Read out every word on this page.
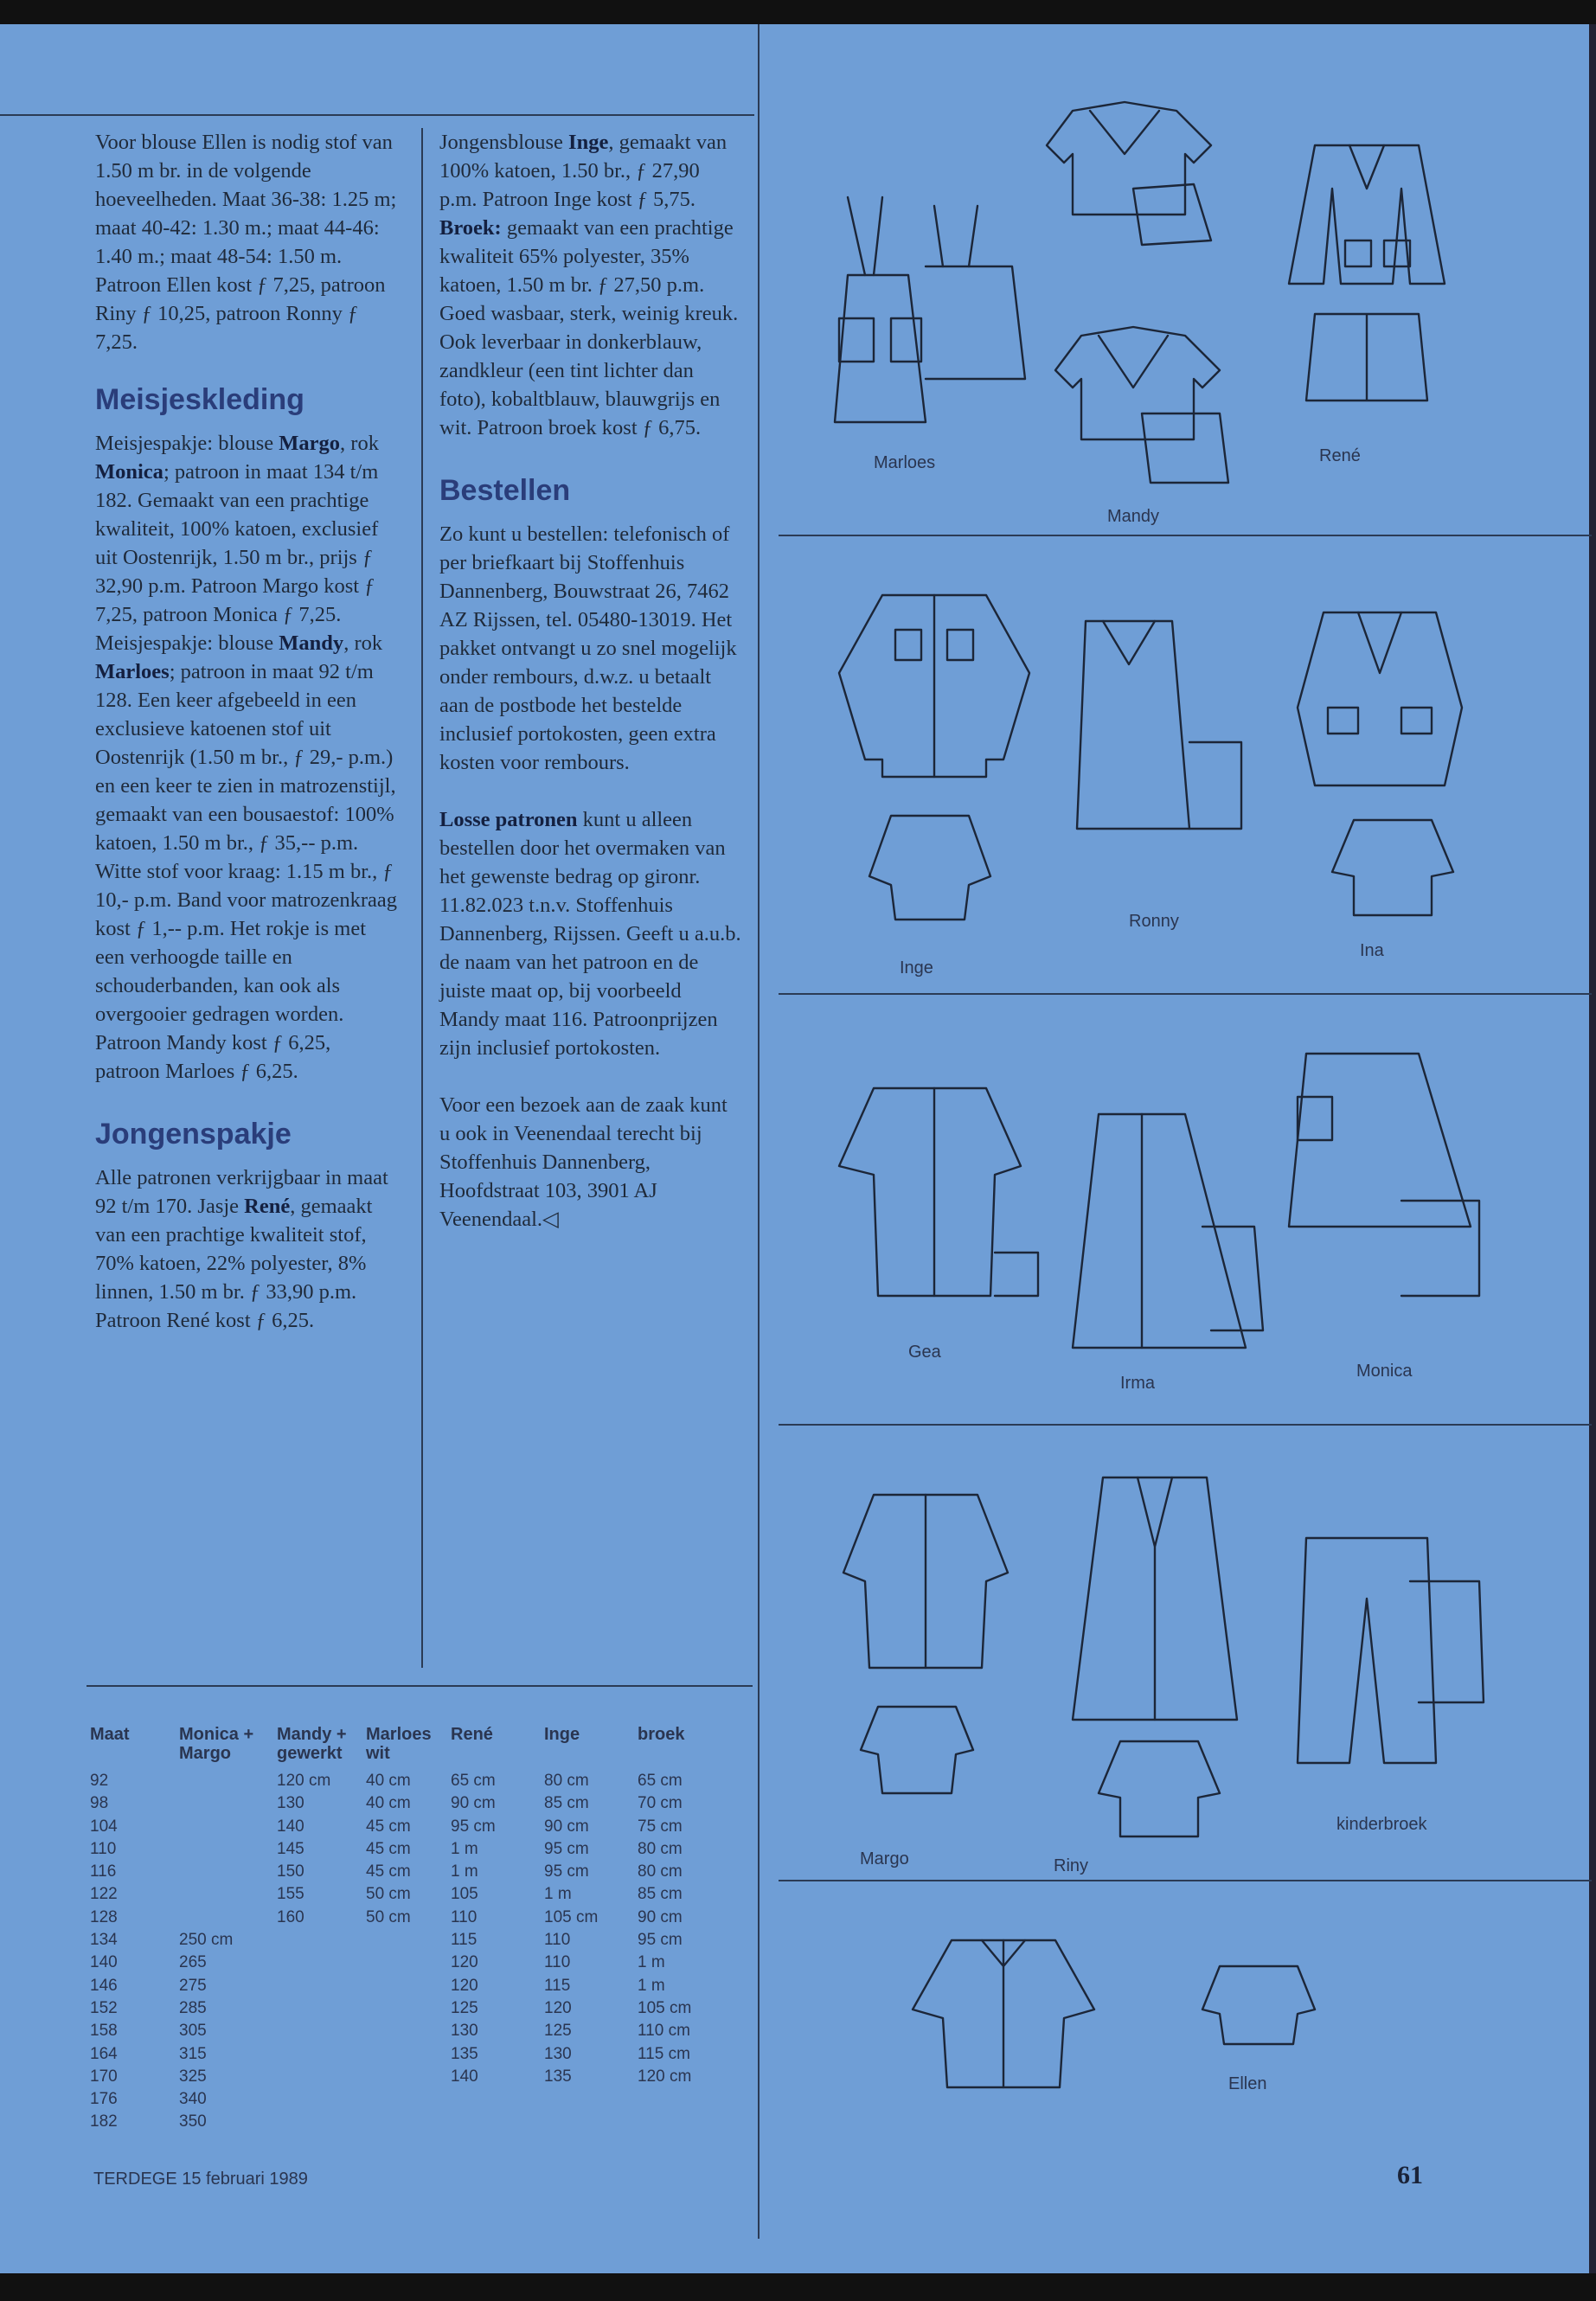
Voor blouse Ellen is nodig stof van 1.50 m br. in de volgende hoeveelheden. Maat 36-38: 1.25 m; maat 40-42: 1.30 m.; maat 44-46: 1.40 m.; maat 48-54: 1.50 m. Patroon Ellen kost ƒ 7,25, patroon Riny ƒ 10,25, patroon Ronny ƒ 7,25.

Meisjeskleding

Meisjespakje: blouse Margo, rok Monica; patroon in maat 134 t/m 182. Gemaakt van een prachtige kwaliteit, 100% katoen, exclusief uit Oostenrijk, 1.50 m br., prijs ƒ 32,90 p.m. Patroon Margo kost ƒ 7,25, patroon Monica ƒ 7,25.

Meisjespakje: blouse Mandy, rok Marloes; patroon in maat 92 t/m 128. Een keer afgebeeld in een exclusieve katoenen stof uit Oostenrijk (1.50 m br., ƒ 29,- p.m.) en een keer te zien in matrozenstijl, gemaakt van een bousaestof: 100% katoen, 1.50 m br., ƒ 35,-- p.m. Witte stof voor kraag: 1.15 m br., ƒ 10,- p.m. Band voor matrozenkraag kost ƒ 1,-- p.m. Het rokje is met een verhoogde taille en schouderbanden, kan ook als overgooier gedragen worden. Patroon Mandy kost ƒ 6,25, patroon Marloes ƒ 6,25.

Jongenspakje

Alle patronen verkrijgbaar in maat 92 t/m 170. Jasje René, gemaakt van een prachtige kwaliteit stof, 70% katoen, 22% polyester, 8% linnen, 1.50 m br. ƒ 33,90 p.m. Patroon René kost ƒ 6,25.

Jongensblouse Inge, gemaakt van 100% katoen, 1.50 br., ƒ 27,90 p.m. Patroon Inge kost ƒ 5,75.

Broek: gemaakt van een prachtige kwaliteit 65% polyester, 35% katoen, 1.50 m br. ƒ 27,50 p.m. Goed wasbaar, sterk, weinig kreuk. Ook leverbaar in donkerblauw, zandkleur (een tint lichter dan foto), kobaltblauw, blauwgrijs en wit. Patroon broek kost ƒ 6,75.

Bestellen

Zo kunt u bestellen: telefonisch of per briefkaart bij Stoffenhuis Dannenberg, Bouwstraat 26, 7462 AZ Rijssen, tel. 05480-13019. Het pakket ontvangt u zo snel mogelijk onder rembours, d.w.z. u betaalt aan de postbode het bestelde inclusief portokosten, geen extra kosten voor rembours.

Losse patronen kunt u alleen bestellen door het overmaken van het gewenste bedrag op gironr. 11.82.023 t.n.v. Stoffenhuis Dannenberg, Rijssen. Geeft u a.u.b. de naam van het patroon en de juiste maat op, bij voorbeeld Mandy maat 116. Patroonprijzen zijn inclusief portokosten.

Voor een bezoek aan de zaak kunt u ook in Veenendaal terecht bij Stoffenhuis Dannenberg, Hoofdstraat 103, 3901 AJ Veenendaal.◁

Maat	Monica + Margo	Mandy + gewerkt	Marloes wit	René	Inge	broek
92		120 cm	40 cm	65 cm	80 cm	65 cm
98		130	40 cm	90 cm	85 cm	70 cm
104		140	45 cm	95 cm	90 cm	75 cm
110		145	45 cm	1 m	95 cm	80 cm
116		150	45 cm	1 m	95 cm	80 cm
122		155	50 cm	105	1 m	85 cm
128		160	50 cm	110	105 cm	90 cm
134	250 cm			115	110	95 cm
140	265			120	110	1 m
146	275			120	115	1 m
152	285			125	120	105 cm
158	305			130	125	110 cm
164	315			135	130	115 cm
170	325			140	135	120 cm
176	340					
182	350					
Marloes
Mandy
René
Inge
Ronny
Ina
Gea
Irma
Monica
Margo	Riny
kinderbroek
Ellen
TERDEGE 15 februari 1989	61
